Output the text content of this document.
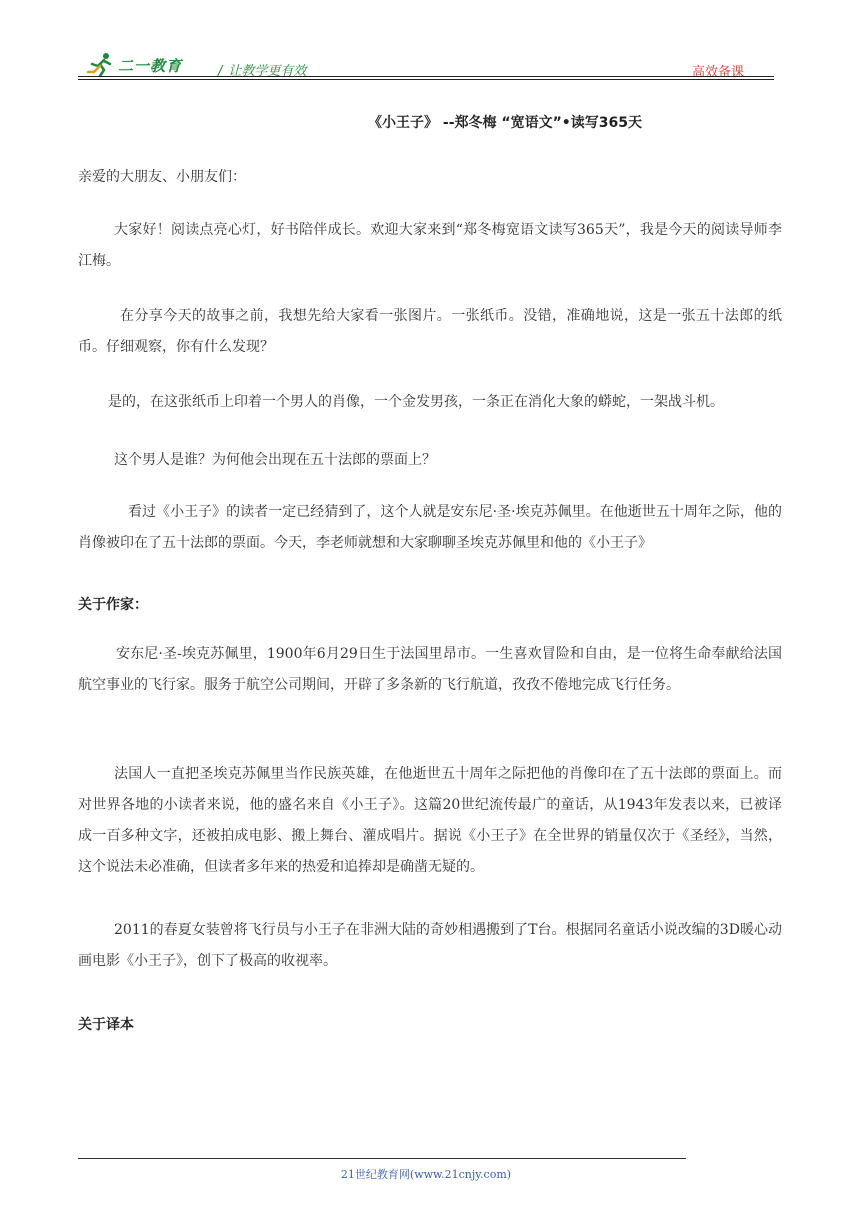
二一教育	/ 让教学更有效	高效备课
《小王子》 --郑冬梅 “宽语文”•读写365天
亲爱的大朋友、小朋友们：
大家好！阅读点亮心灯，好书陪伴成长。欢迎大家来到“郑冬梅宽语文读写365天”，我是今天的阅读导师李江梅。
在分享今天的故事之前，我想先给大家看一张图片。一张纸币。没错，准确地说，这是一张五十法郎的纸币。仔细观察，你有什么发现？
是的，在这张纸币上印着一个男人的肖像，一个金发男孩，一条正在消化大象的蟒蛇，一架战斗机。
这个男人是谁？为何他会出现在五十法郎的票面上？
看过《小王子》的读者一定已经猜到了，这个人就是安东尼·圣·埃克苏佩里。在他逝世五十周年之际，他的肖像被印在了五十法郎的票面。今天，李老师就想和大家聊聊圣埃克苏佩里和他的《小王子》
关于作家：
安东尼·圣-埃克苏佩里，1900年6月29日生于法国里昂市。一生喜欢冒险和自由，是一位将生命奉献给法国航空事业的飞行家。服务于航空公司期间，开辟了多条新的飞行航道，孜孜不倦地完成飞行任务。
法国人一直把圣埃克苏佩里当作民族英雄，在他逝世五十周年之际把他的肖像印在了五十法郎的票面上。而对世界各地的小读者来说，他的盛名来自《小王子》。这篇20世纪流传最广的童话，从1943年发表以来，已被译成一百多种文字，还被拍成电影、搬上舞台、灌成唱片。据说《小王子》在全世界的销量仅次于《圣经》，当然，这个说法未必准确，但读者多年来的热爱和追捧却是确凿无疑的。
2011的春夏女装曾将飞行员与小王子在非洲大陆的奇妙相遇搬到了T台。根据同名童话小说改编的3D暖心动画电影《小王子》，创下了极高的收视率。
关于译本
21世纪教育网(www.21cnjy.com)
